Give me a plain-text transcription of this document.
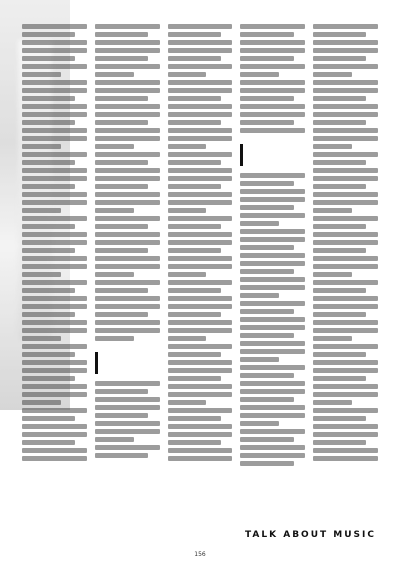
TALK ABOUT MUSIC
156
